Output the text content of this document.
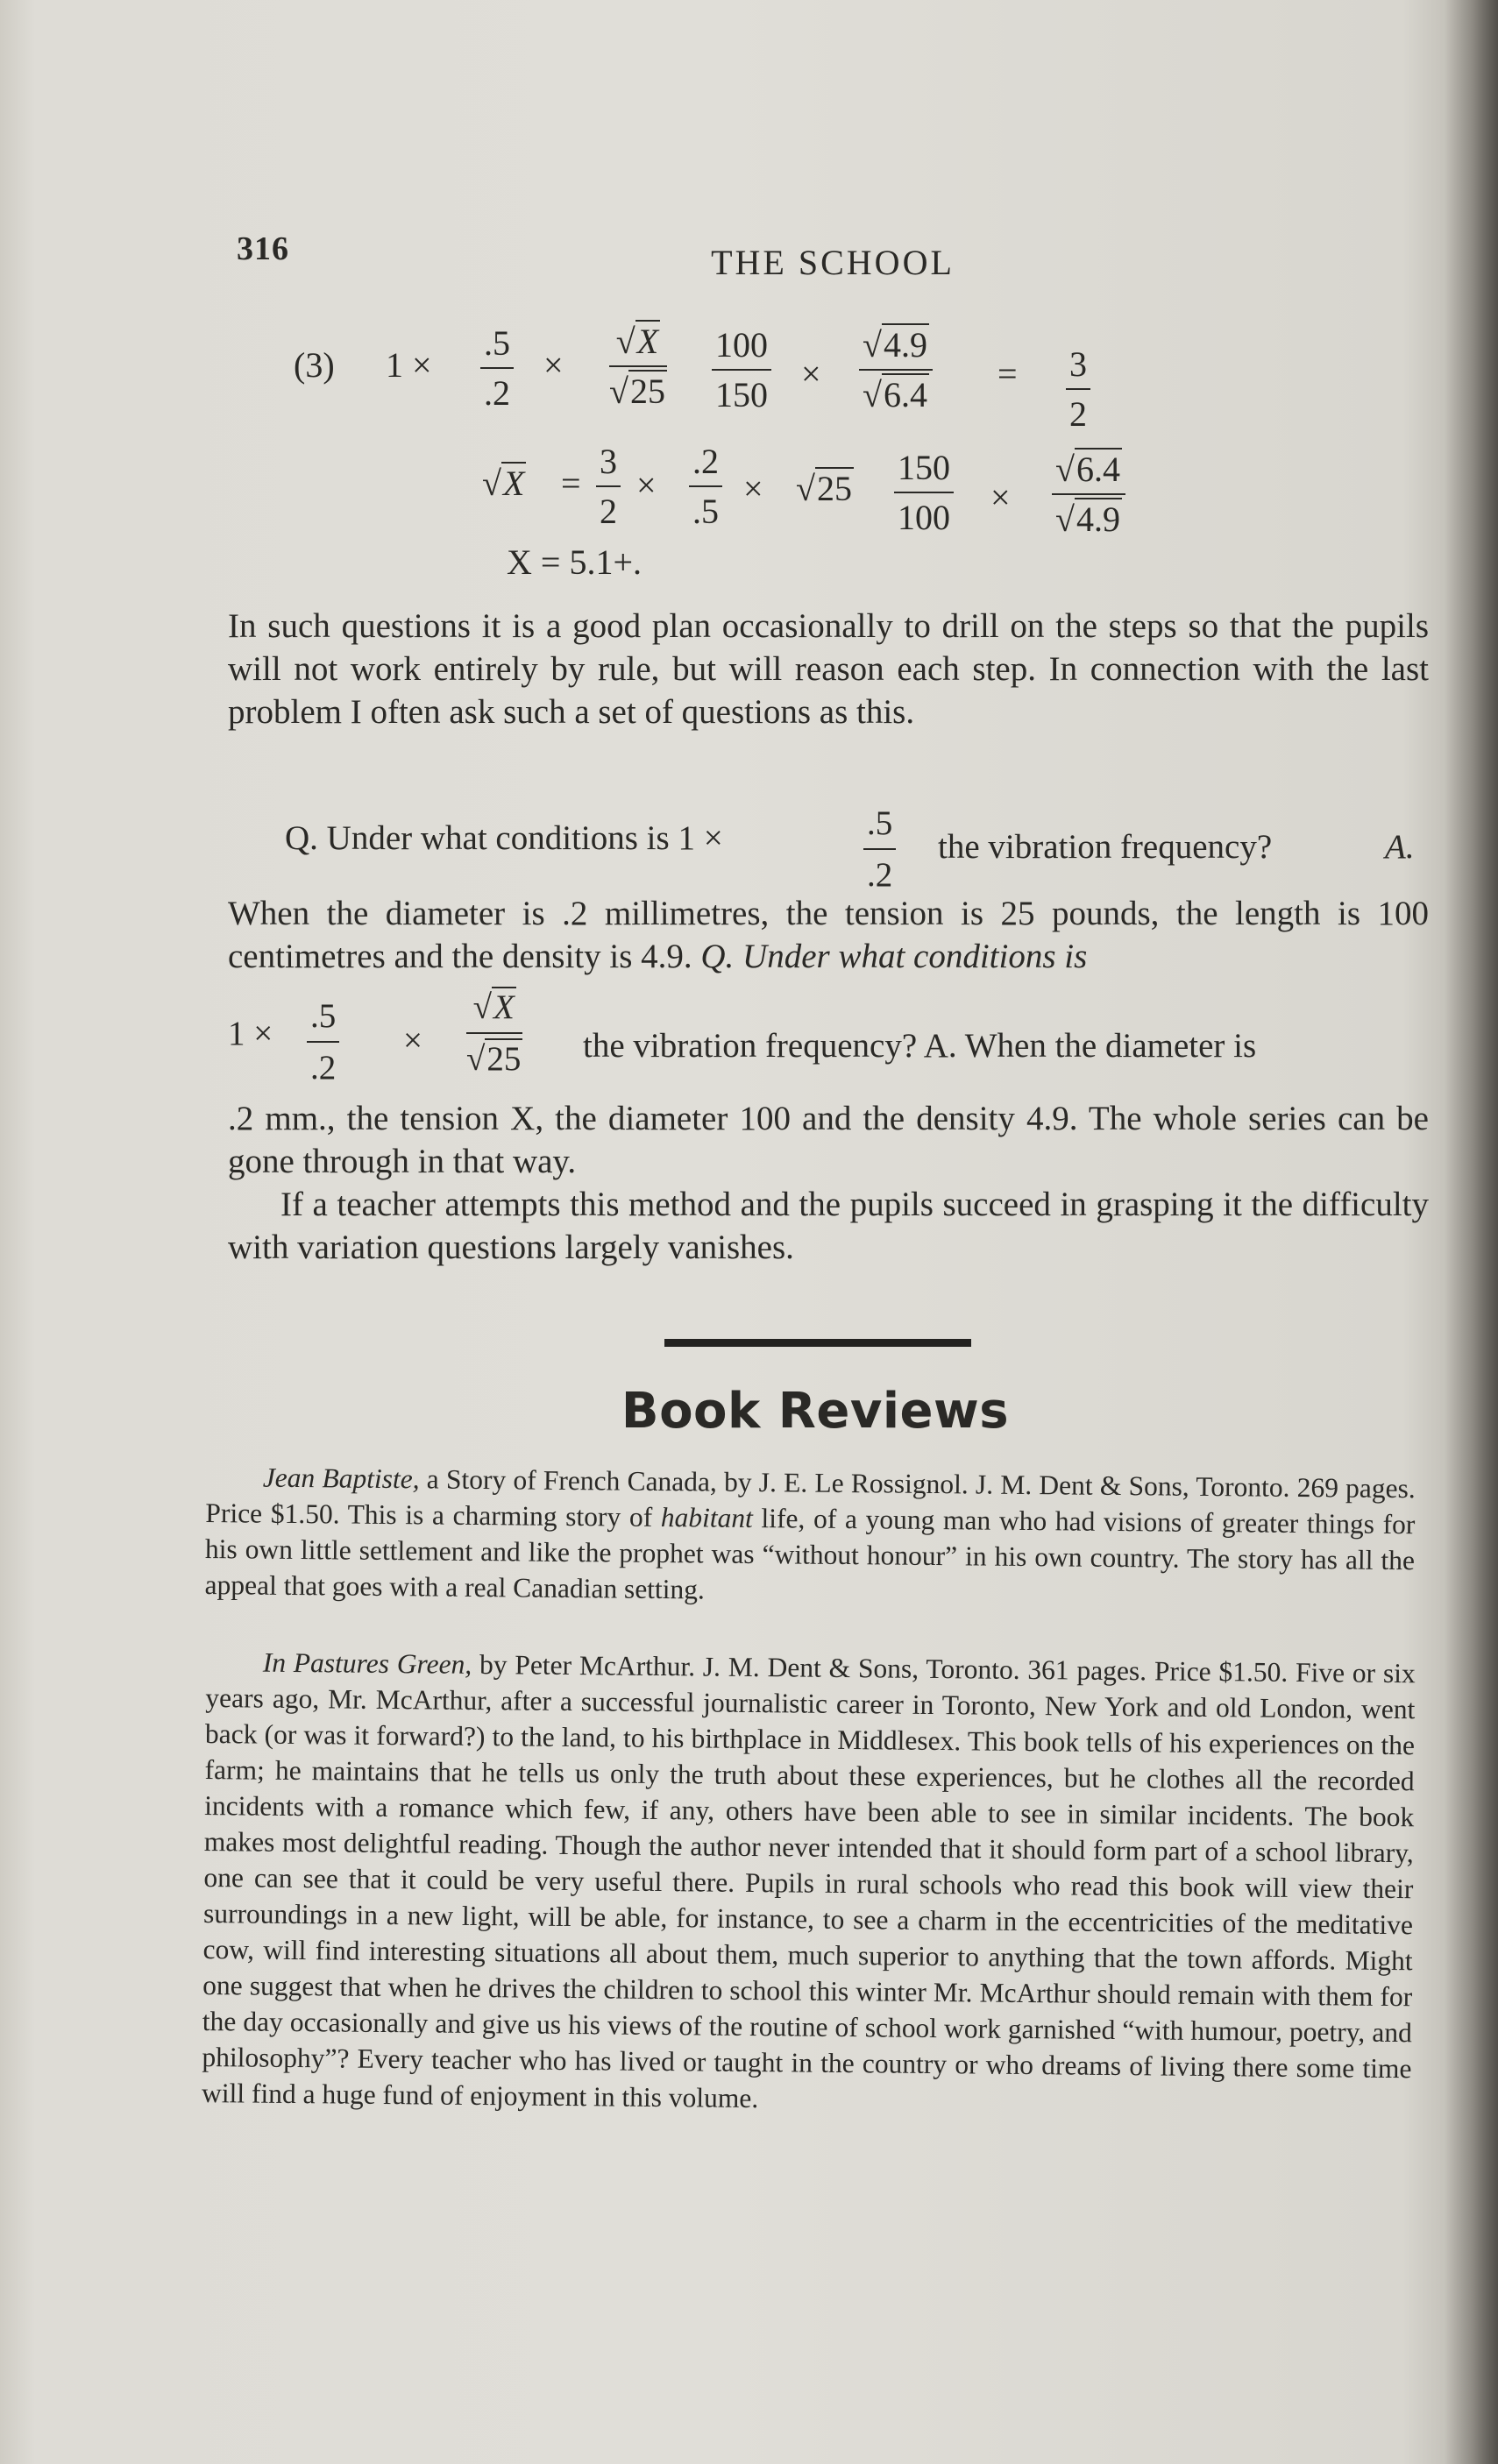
316	THE SCHOOL
(3) $1 \times \frac{.5}{.2} \times \frac{√X}{√25} \frac{100}{150} \times \frac{√4.9}{√6.4} = \frac{3}{2}$
$√X = \frac{3}{2} \times \frac{.2}{.5} \times √25 \frac{150}{100} \times \frac{√6.4}{√4.9}$
X = 5.1+.

In such questions it is a good plan occasionally to drill on the steps so that the pupils will not work entirely by rule, but will reason each step. In connection with the last problem I often ask such a set of questions as this.

Q. Under what conditions is 1 ×	$\frac{.5}{.2}$ the vibration frequency?	A.

When the diameter is .2 millimetres, the tension is 25 pounds, the length is 100 centimetres and the density is 4.9. Q. Under what conditions is

$1 \times \frac{.5}{.2} \times \frac{√X}{√25}$ the vibration frequency? A. When the diameter is

.2 mm., the tension X, the diameter 100 and the density 4.9. The whole series can be gone through in that way.

If a teacher attempts this method and the pupils succeed in grasping it the difficulty with variation questions largely vanishes.

Book Reviews

Jean Baptiste, a Story of French Canada, by J. E. Le Rossignol. J. M. Dent & Sons, Toronto. 269 pages. Price $1.50. This is a charming story of habitant life, of a young man who had visions of greater things for his own little settlement and like the prophet was “without honour” in his own country. The story has all the appeal that goes with a real Canadian setting.

In Pastures Green, by Peter McArthur. J. M. Dent & Sons, Toronto. 361 pages. Price $1.50. Five or six years ago, Mr. McArthur, after a successful journalistic career in Toronto, New York and old London, went back (or was it forward?) to the land, to his birthplace in Middlesex. This book tells of his experiences on the farm; he maintains that he tells us only the truth about these experiences, but he clothes all the recorded incidents with a romance which few, if any, others have been able to see in similar incidents. The book makes most delightful reading. Though the author never intended that it should form part of a school library, one can see that it could be very useful there. Pupils in rural schools who read this book will view their surroundings in a new light, will be able, for instance, to see a charm in the eccentricities of the meditative cow, will find interesting situations all about them, much superior to anything that the town affords. Might one suggest that when he drives the children to school this winter Mr. McArthur should remain with them for the day occasionally and give us his views of the routine of school work garnished “with humour, poetry, and philosophy”? Every teacher who has lived or taught in the country or who dreams of living there some time will find a huge fund of enjoyment in this volume.
